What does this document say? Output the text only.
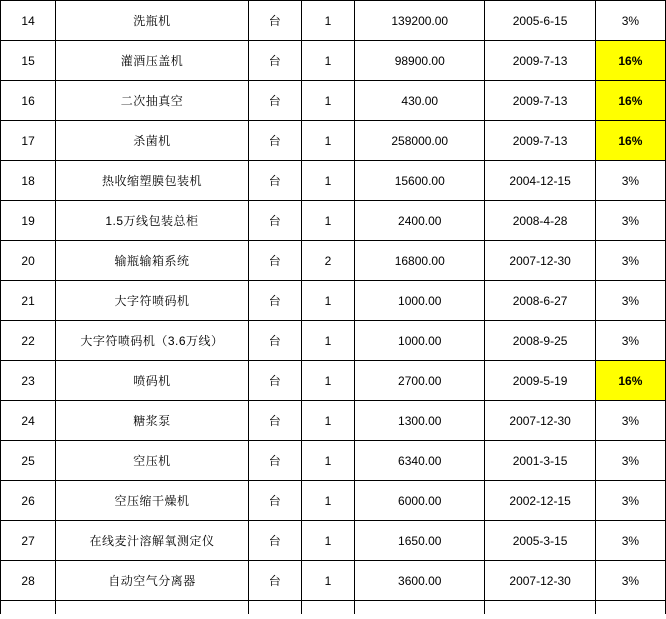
14	洗瓶机	台	1	139200.00	2005-6-15	3%
15	灌酒压盖机	台	1	98900.00	2009-7-13	16%
16	二次抽真空	台	1	430.00	2009-7-13	16%
17	杀菌机	台	1	258000.00	2009-7-13	16%
18	热收缩塑膜包装机	台	1	15600.00	2004-12-15	3%
19	1.5万线包装总柜	台	1	2400.00	2008-4-28	3%
20	输瓶输箱系统	台	2	16800.00	2007-12-30	3%
21	大字符喷码机	台	1	1000.00	2008-6-27	3%
22	大字符喷码机（3.6万线）	台	1	1000.00	2008-9-25	3%
23	喷码机	台	1	2700.00	2009-5-19	16%
24	糖浆泵	台	1	1300.00	2007-12-30	3%
25	空压机	台	1	6340.00	2001-3-15	3%
26	空压缩干燥机	台	1	6000.00	2002-12-15	3%
27	在线麦汁溶解氧测定仪	台	1	1650.00	2005-3-15	3%
28	自动空气分离器	台	1	3600.00	2007-12-30	3%
